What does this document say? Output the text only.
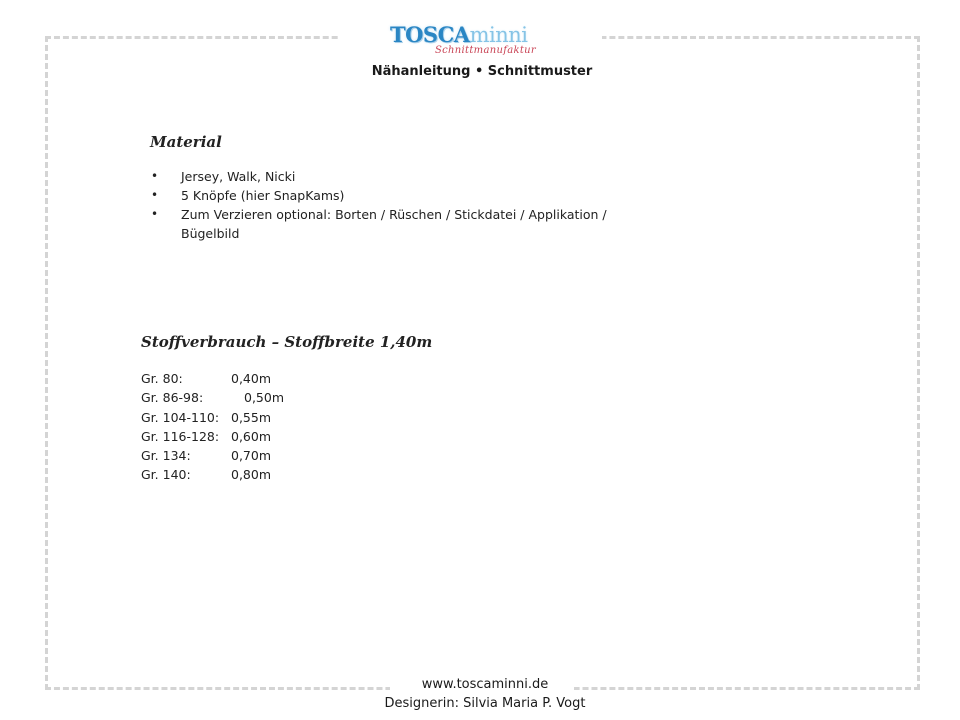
TOSCAminni
Schnittmanufaktur
Nähanleitung • Schnittmuster
Material
• Jersey, Walk, Nicki
• 5 Knöpfe (hier SnapKams)
• Zum Verzieren optional: Borten / Rüschen / Stickdatei / Applikation / Bügelbild
Stoffverbrauch – Stoffbreite 1,40m
Gr. 80:	0,40m
Gr. 86-98:	0,50m
Gr. 104-110: 0,55m
Gr. 116-128: 0,60m
Gr. 134:	0,70m
Gr. 140:	0,80m
www.toscaminni.de
Designerin: Silvia Maria P. Vogt
